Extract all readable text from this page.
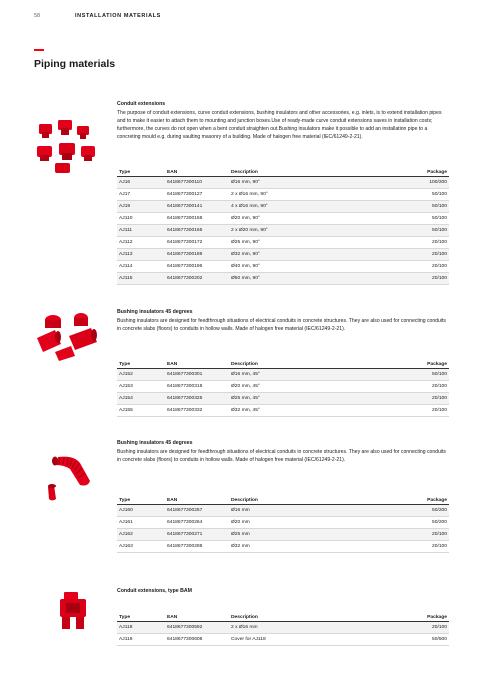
58	INSTALLATION MATERIALS
Piping materials
Conduit extensions
The purpose of conduit extensions, curve conduit extensions, bushing insulators and other accessories, e.g. inlets, is to extend installation pipes and to make it easier to attach them to mounting and junction boxes.Use of ready-made curve conduit extensions saves in installation costs; furthermore, the curves do not open when a bent conduit straighten out.Bushing insulators make it possible to add an installation pipe to a concreting mould e.g. during vaulting masonry of a building. Made of halogen free material (IEC/61249-2-21).
Type	EAN	Description	Package
AJ16	6418677300110	Ø16 mm, 90°	100/200
AJ17	6418677300127	2 x Ø16 mm, 90°	50/100
AJ19	6418677300141	4 x Ø16 mm, 90°	50/100
AJ110	6418677300158	Ø20 mm, 90°	50/100
AJ111	6418677300165	2 x Ø20 mm, 90°	50/100
AJ112	6418677300172	Ø25 mm, 90°	20/100
AJ113	6418677300189	Ø32 mm, 90°	20/100
AJ114	6418677300196	Ø40 mm, 90°	20/100
AJ115	6418677300202	Ø50 mm, 90°	20/100
Bushing insulators 45 degrees
Bushing insulators are designed for feedthrough situations of electrical conduits in concrete structures. They are also used for connecting conduits in concrete slabs (floors) to conduits in hollow walls. Made of halogen free material (IEC/61249-2-21).
Type	EAN	Description	Package
AJ152	6418677300301	Ø16 mm, 45°	50/100
AJ153	6418677300318	Ø20 mm, 45°	20/100
AJ154	6418677300325	Ø25 mm, 45°	20/100
AJ155	6418677300332	Ø32 mm, 45°	20/100
Bushing insulators 45 degrees
Bushing insulators are designed for feedthrough situations of electrical conduits in concrete structures. They are also used for connecting conduits in concrete slabs (floors) to conduits in hollow walls. Made of halogen free material (IEC/61249-2-21).
Type	EAN	Description	Package
AJ160	6418677300257	Ø16 mm	50/200
AJ161	6418677300264	Ø20 mm	50/200
AJ162	6418677300271	Ø25 mm	20/100
AJ163	6418677300288	Ø32 mm	20/100
Conduit extensions, type BAM
Type	EAN	Description	Package
AJ118	6418677300592	2 x Ø16 mm	20/100
AJ119	6418677300608	Cover for AJ118	50/500
